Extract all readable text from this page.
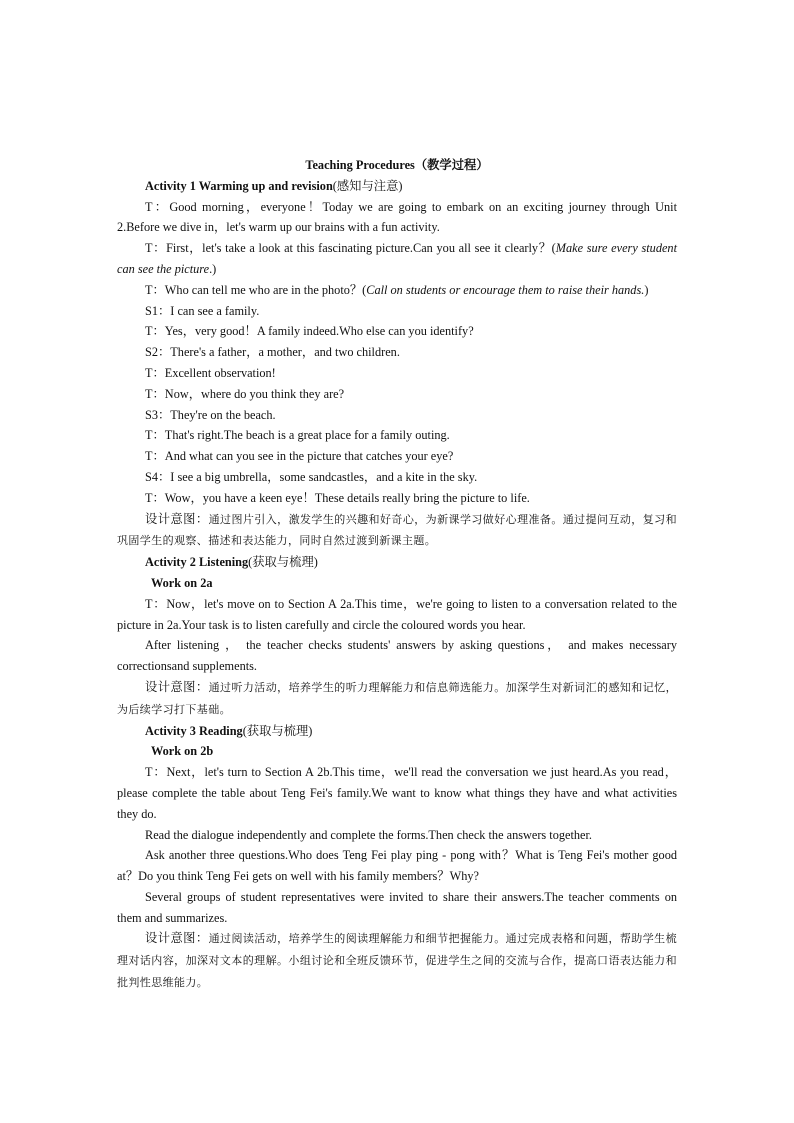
Teaching Procedures（教学过程）
Activity 1 Warming up and revision(感知与注意)

T：Good morning，everyone！Today we are going to embark on an exciting journey through Unit 2.Before we dive in，let's warm up our brains with a fun activity.

T：First，let's take a look at this fascinating picture.Can you all see it clearly？(Make sure every student can see the picture.)

T：Who can tell me who are in the photo？(Call on students or encourage them to raise their hands.)

S1：I can see a family.

T：Yes，very good！A family indeed.Who else can you identify?

S2：There's a father，a mother，and two children.

T：Excellent observation!

T：Now，where do you think they are?

S3：They're on the beach.

T：That's right.The beach is a great place for a family outing.

T：And what can you see in the picture that catches your eye?

S4：I see a big umbrella，some sandcastles，and a kite in the sky.

T：Wow，you have a keen eye！These details really bring the picture to life.

设计意图：通过图片引入，激发学生的兴趣和好奇心，为新课学习做好心理准备。通过提问互动，复习和巩固学生的观察、描述和表达能力，同时自然过渡到新课主题。

Activity 2 Listening(获取与梳理)
Work on 2a

T：Now，let's move on to Section A 2a.This time，we're going to listen to a conversation related to the picture in 2a.Your task is to listen carefully and circle the coloured words you hear.

After listening ， the teacher checks students' answers by asking questions， and makes necessary correctionsand supplements.

设计意图：通过听力活动，培养学生的听力理解能力和信息筛选能力。加深学生对新词汇的感知和记忆，为后续学习打下基础。

Activity 3 Reading(获取与梳理)
Work on 2b

T：Next，let's turn to Section A 2b.This time，we'll read the conversation we just heard.As you read，please complete the table about Teng Fei's family.We want to know what things they have and what activities they do.

Read the dialogue independently and complete the forms.Then check the answers together.

Ask another three questions.Who does Teng Fei play ping - pong with？What is Teng Fei's mother good at？Do you think Teng Fei gets on well with his family members？Why?

Several groups of student representatives were invited to share their answers.The teacher comments on them and summarizes.

设计意图：通过阅读活动，培养学生的阅读理解能力和细节把握能力。通过完成表格和问题，帮助学生梳理对话内容，加深对文本的理解。小组讨论和全班反馈环节，促进学生之间的交流与合作，提高口语表达能力和批判性思维能力。
